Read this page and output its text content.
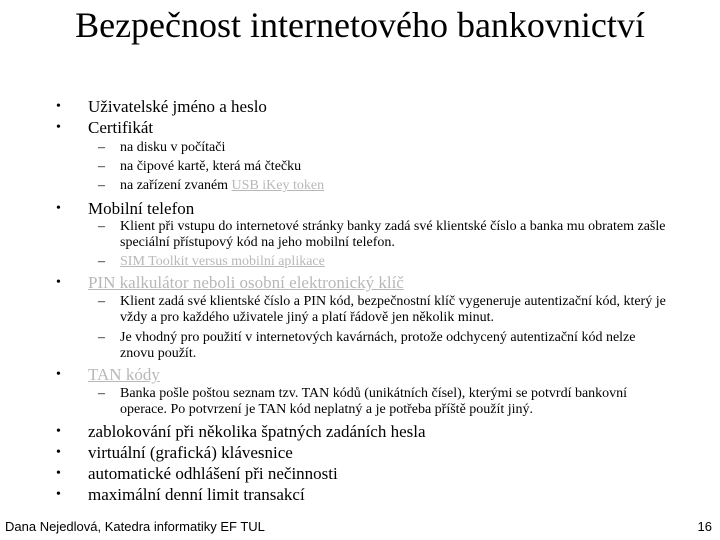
Bezpečnost internetového bankovnictví
• Uživatelské jméno a heslo
• Certifikát
– na disku v počítači
– na čipové kartě, která má čtečku
– na zařízení zvaném USB iKey token
• Mobilní telefon
– Klient při vstupu do internetové stránky banky zadá své klientské číslo a banka mu obratem zašle speciální přístupový kód na jeho mobilní telefon.
– SIM Toolkit versus mobilní aplikace
• PIN kalkulátor neboli osobní elektronický klíč
– Klient zadá své klientské číslo a PIN kód, bezpečnostní klíč vygeneruje autentizační kód, který je vždy a pro každého uživatele jiný a platí řádově jen několik minut.
– Je vhodný pro použití v internetových kavárnách, protože odchycený autentizační kód nelze znovu použít.
• TAN kódy
– Banka pošle poštou seznam tzv. TAN kódů (unikátních čísel), kterými se potvrdí bankovní operace. Po potvrzení je TAN kód neplatný a je potřeba příště použít jiný.
• zablokování při několika špatných zadáních hesla
• virtuální (grafická) klávesnice
• automatické odhlášení při nečinnosti
• maximální denní limit transakcí
Dana Nejedlová, Katedra informatiky EF TUL	16
